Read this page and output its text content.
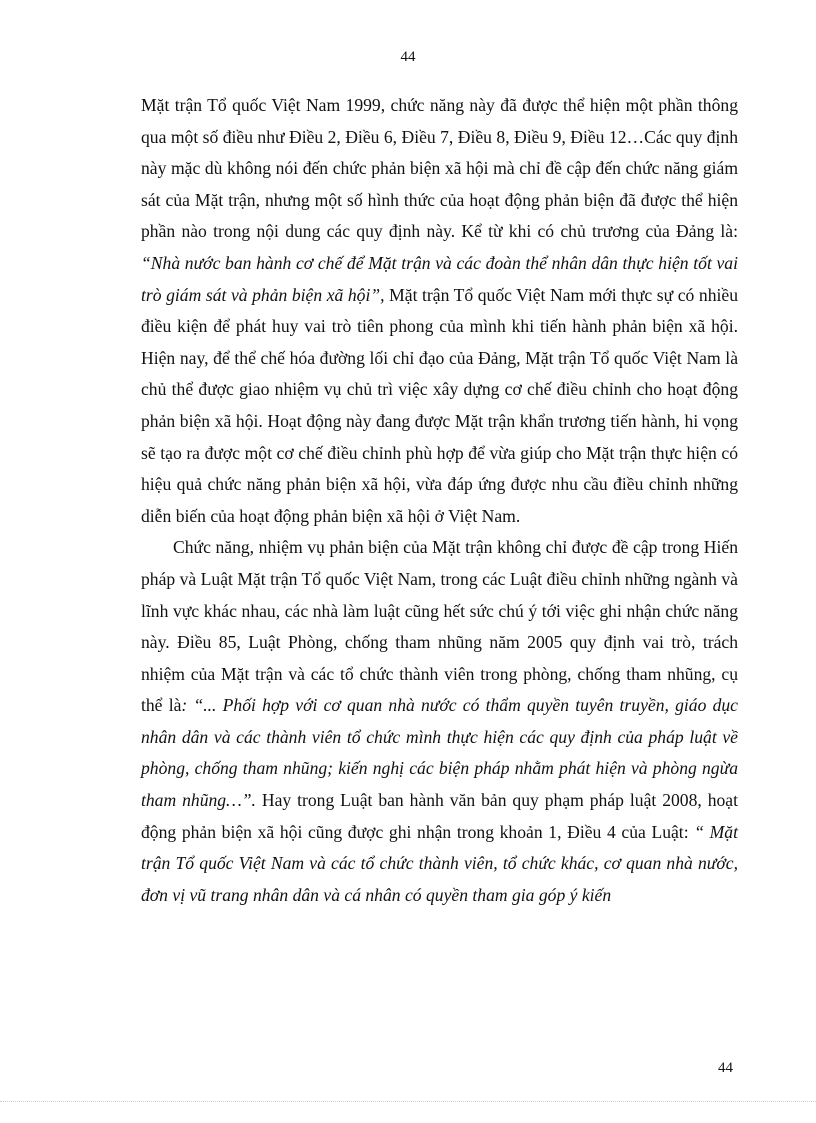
44

Mặt trận Tổ quốc Việt Nam 1999, chức năng này đã được thể hiện một phần thông qua một số điều như Điều 2, Điều 6, Điều 7, Điều 8, Điều 9, Điều 12…Các quy định này mặc dù không nói đến chức phản biện xã hội mà chỉ đề cập đến chức năng giám sát của Mặt trận, nhưng một số hình thức của hoạt động phản biện đã được thể hiện phần nào trong nội dung các quy định này. Kể từ khi có chủ trương của Đảng là: “Nhà nước ban hành cơ chế để Mặt trận và các đoàn thể nhân dân thực hiện tốt vai trò giám sát và phản biện xã hội”, Mặt trận Tổ quốc Việt Nam mới thực sự có nhiều điều kiện để phát huy vai trò tiên phong của mình khi tiến hành phản biện xã hội. Hiện nay, để thể chế hóa đường lối chỉ đạo của Đảng, Mặt trận Tổ quốc Việt Nam là chủ thể được giao nhiệm vụ chủ trì việc xây dựng cơ chế điều chỉnh cho hoạt động phản biện xã hội. Hoạt động này đang được Mặt trận khẩn trương tiến hành, hi vọng sẽ tạo ra được một cơ chế điều chỉnh phù hợp để vừa giúp cho Mặt trận thực hiện có hiệu quả chức năng phản biện xã hội, vừa đáp ứng được nhu cầu điều chỉnh những diễn biến của hoạt động phản biện xã hội ở Việt Nam.

Chức năng, nhiệm vụ phản biện của Mặt trận không chỉ được đề cập trong Hiến pháp và Luật Mặt trận Tổ quốc Việt Nam, trong các Luật điều chỉnh những ngành và lĩnh vực khác nhau, các nhà làm luật cũng hết sức chú ý tới việc ghi nhận chức năng này. Điều 85, Luật Phòng, chống tham nhũng năm 2005 quy định vai trò, trách nhiệm của Mặt trận và các tổ chức thành viên trong phòng, chống tham nhũng, cụ thể là: “... Phối hợp với cơ quan nhà nước có thẩm quyền tuyên truyền, giáo dục nhân dân và các thành viên tổ chức mình thực hiện các quy định của pháp luật về phòng, chống tham nhũng; kiến nghị các biện pháp nhằm phát hiện và phòng ngừa tham nhũng…”. Hay trong Luật ban hành văn bản quy phạm pháp luật 2008, hoạt động phản biện xã hội cũng được ghi nhận trong khoản 1, Điều 4 của Luật: “ Mặt trận Tổ quốc Việt Nam và các tổ chức thành viên, tổ chức khác, cơ quan nhà nước, đơn vị vũ trang nhân dân và cá nhân có quyền tham gia góp ý kiến

44
